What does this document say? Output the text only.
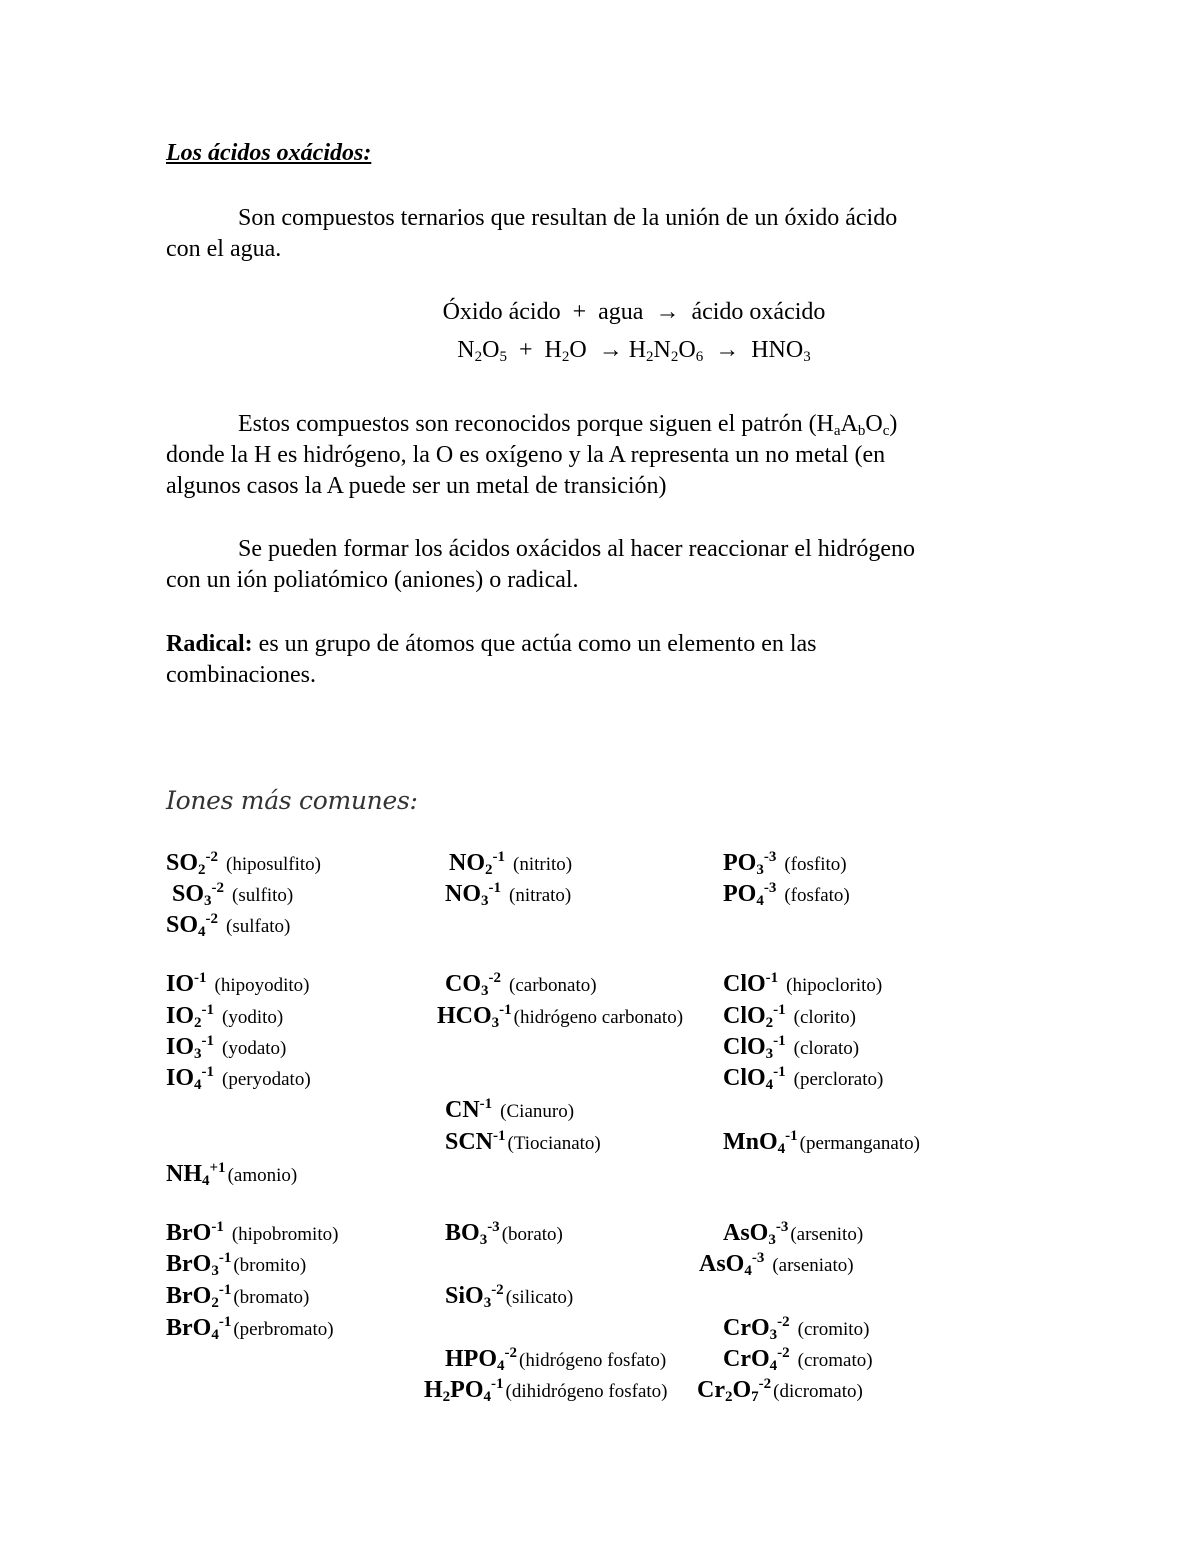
Los ácidos oxácidos:
Son compuestos ternarios que resultan de la unión de un óxido ácido
con el agua.
Óxido ácido + agua → ácido oxácido
$N_2O_5 + H_2O \to H_2N_2O_6 \to HNO_3$
Estos compuestos son reconocidos porque siguen el patrón $(H_aA_bO_c)$
donde la H es hidrógeno, la O es oxígeno y la A representa un no metal (en
algunos casos la A puede ser un metal de transición)
Se pueden formar los ácidos oxácidos al hacer reaccionar el hidrógeno
con un ión poliatómico (aniones) o radical.
Radical: es un grupo de átomos que actúa como un elemento en las
combinaciones.
Iones más comunes:
$SO_2^{-2}$ (hiposulfito)
$SO_3^{-2}$ (sulfito)
$SO_4^{-2}$ (sulfato)
$NO_2^{-1}$ (nitrito)
$NO_3^{-1}$ (nitrato)
$PO_3^{-3}$ (fosfito)
$PO_4^{-3}$ (fosfato)
$IO^{-1}$ (hipoyodito)
$IO_2^{-1}$ (yodito)
$IO_3^{-1}$ (yodato)
$IO_4^{-1}$ (peryodato)
$CO_3^{-2}$ (carbonato)
$HCO_3^{-1}$ (hidrógeno carbonato)
ClO$^{-1}$ (hipoclorito)
ClO$_2^{-1}$ (clorito)
ClO$_3^{-1}$ (clorato)
ClO$_4^{-1}$ (perclorato)
$CN^{-1}$ (Cianuro)
$SCN^{-1}$ (Tiocianato)	MnO$_4^{-1}$ (permanganato)
$NH_4^{+1}$ (amonio)
BrO$^{-1}$ (hipobromito)
BrO$_3^{-1}$ (bromito)
BrO$_2^{-1}$ (bromato)
BrO$_4^{-1}$ (perbromato)
$BO_3^{-3}$ (borato)
SiO$_3^{-2}$ (silicato)
$HPO_4^{-2}$ (hidrógeno fosfato)
$H_2PO_4^{-1}$ (dihidrógeno fosfato)
AsO$_3^{-3}$ (arsenito)
AsO$_4^{-3}$ (arseniato)
CrO$_3^{-2}$ (cromito)
CrO$_4^{-2}$ (cromato)
$Cr_2O_7^{-2}$ (dicromato)
